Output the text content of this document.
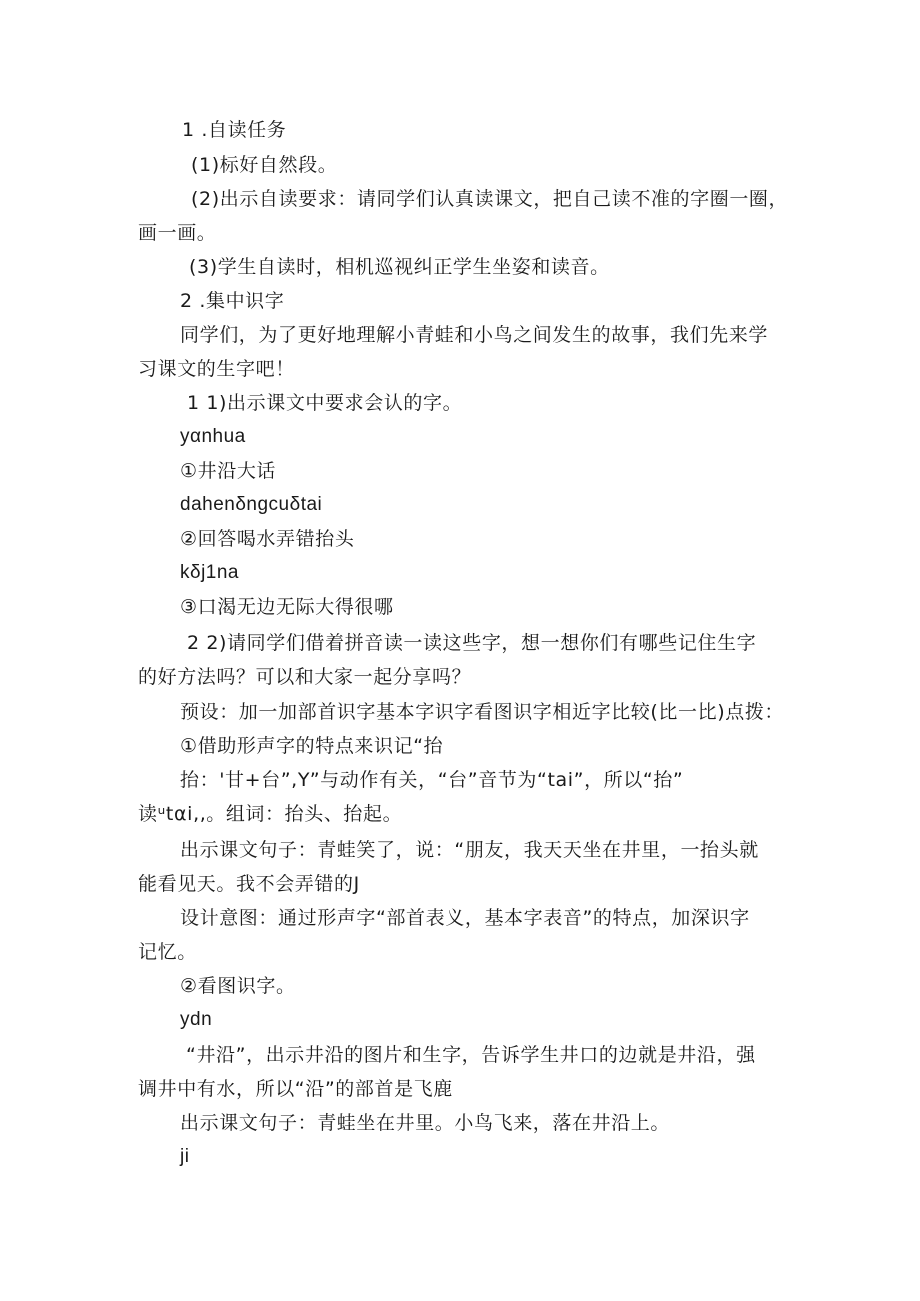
1 .自读任务
(1)标好自然段。
(2)出示自读要求：请同学们认真读课文，把自己读不准的字圈一圈，
画一画。
(3)学生自读时，相机巡视纠正学生坐姿和读音。
2 .集中识字
同学们，为了更好地理解小青蛙和小鸟之间发生的故事，我们先来学
习课文的生字吧！
1 1)出示课文中要求会认的字。
yαnhua
①井沿大话
dahenδngcuδtai
②回答喝水弄错抬头
kδj1na
③口渴无边无际大得很哪
2 2)请同学们借着拼音读一读这些字，想一想你们有哪些记住生字
的好方法吗？可以和大家一起分享吗？
预设：加一加部首识字基本字识字看图识字相近字比较(比一比)点拨：
①借助形声字的特点来识记“抬
抬：'甘+台”,Y”与动作有关，“台”音节为“tai”，所以“抬”
读ᵘtαi‚‚。组词：抬头、抬起。
出示课文句子：青蛙笑了，说：“朋友，我天天坐在井里，一抬头就
能看见天。我不会弄错的J
设计意图：通过形声字“部首表义，基本字表音”的特点，加深识字
记忆。
②看图识字。
ydn
“井沿”，出示井沿的图片和生字，告诉学生井口的边就是井沿，强
调井中有水，所以“沿”的部首是飞鹿
出示课文句子：青蛙坐在井里。小鸟飞来，落在井沿上。
ji
